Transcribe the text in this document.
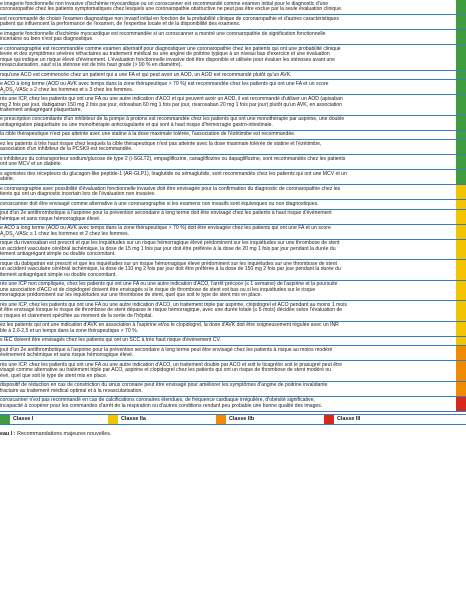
e imagerie fonctionnelle non invasive d'ischémie myocardique ou un coroscanner est recommandé comme examen initial pour le diagnostic d'une
coronaropathie chez les patients symptomatiques chez lesquels une coronaropathie obstructive ne peut pas être exclue par la seule évaluation clinique.
est recommandé de choisir l'examen diagnostique non invasif initial en fonction de la probabilité clinique de coronaropathie et d'autres caractéristiques
patient qui influencent la performance de l'examen, de l'expertise locale et de la disponibilité des examens.
e imagerie fonctionnelle d'ischémie myocardique est recommandée si un coroscanner a montré une coronaropathie de signification fonctionnelle
incertaine ou bien n'est pas diagnostique.
e coronarographie est recommandée comme examen alternatif pour diagnostiquer une coronaropathie chez les patients qui ont une probabilité clinique
levée et des symptômes sévères réfractaires au traitement médical ou une angine de poitrine typique à un niveau bas d'exercice et une évaluation
nique qui indique un risque élevé d'événement. L'évaluation fonctionnelle invasive doit être disponible et utilisée pour évaluer les sténoses avant une
revascularisation, sauf si la sténose est de très haut grade (> 90 % en diamètre).
rsqu'une ACO est commencée chez un patient qui a une FA et qui peut avoir un AOD, un AOD est recommandé plutôt qu'un AVK.
e ACO à long terme (AOD ou AVK avec temps dans la zone thérapeutique > 70 %) est recommandée chez les patients qui ont une FA et un score
$A_2DS_2$-VASc ≥ 2 chez les hommes et ≥ 3 chez les femmes.
rès une ICP, chez les patients qui ont une FA ou une autre indication d'ACO et qui peuvent avoir un AOD, il est recommandé d'utiliser un AOD (apixaban
mg 2 fois par jour, dabigatran 150 mg 2 fois par jour, édoxaban 60 mg 1 fois par jour, rivaroxaban 20 mg 1 fois par jour) plutôt qu'un AVK, en association
traitement antiagrégant plaquettaire.
e prescription concomitante d'un inhibiteur de la pompe à protons est recommandée chez les patients qui ont une monothérapie par aspirine, une double
antiagrégation plaquettaire ou une monothérapie anticoagulante et qui sont à haut risque d'hémorragie gastro-intestinale.
la cible thérapeutique n'est pas atteinte avec une statine à la dose maximale tolérée, l'association de l'ézétimibe est recommandée.
ez les patients à très haut risque chez lesquels la cible thérapeutique n'est pas atteinte avec la dose maximale tolérée de statine et l'ézétimibe,
association d'un inhibiteur de la PCSK9 est recommandée.
s inhibiteurs du cotransporteur sodium/glucose de type 2 (i-SGLT2), empagliflozine, canagliflozine ou dapagliflozine, sont recommandés chez les patients
ont une MCV et un diabète.
s agonistes des récepteurs du glucagon-like peptide-1 (AR-GLP1), liraglutide ou sémaglutide, sont recommandés chez les patients qui ont une MCV et un
abète.
e coronarographie avec possibilité d'évaluation fonctionnelle invasive doit être envisagée pour la confirmation du diagnostic de coronaropathie chez les
tients qui ont un diagnostic incertain lors de l'évaluation non invasive.
coroscanner doit être envisagé comme alternative à une coronarographie si les examens non invasifs sont équivoques ou non diagnostiques.
jout d'un 2e antithrombotique à l'aspirine pour la prévention secondaire à long terme doit être envisagé chez les patients à haut risque d'événement
hémique et sans risque hémorragique élevé.
e ACO à long terme (AOD ou AVK avec temps dans la zone thérapeutique > 70 %) doit être envisagée chez les patients qui ont une FA et un score
$A_2DS_2$-VASc ≥ 1 chez les hommes et 2 chez les femmes.
rsque du rivaroxaban est prescrit et que les inquiétudes sur un risque hémorragique élevé prédominent sur les inquiétudes sur une thrombose de stent
un accident vasculaire cérébral ischémique, la dose de 15 mg 1 fois par jour doit être préférée à la dose de 20 mg 1 fois par jour pendant la durée du
tement antiagrégant simple ou double concomitant.
rsque du dabigatran est prescrit et que les inquiétudes sur un risque hémorragique élevé prédominent sur les inquiétudes sur une thrombose de stent
un accident vasculaire cérébral ischémique, la dose de 110 mg 2 fois par jour doit être préférée à la dose de 150 mg 2 fois par jour pendant la durée du
itement antiagrégant simple ou double concomitant.
rès une ICP non compliquée, chez les patients qui ont une FA ou une autre indication d'ACO, l'arrêt précoce (≤ 1 semaine) de l'aspirine et la poursuite
une association d'ACO et de clopidogrel doivent être envisagés si le risque de thrombose de stent est bas ou si les inquiétudes sur le risque
morragique prédominent sur les inquiétudes sur une thrombose de stent, quel que soit le type de stent mis en place.
rès une ICP, chez les patients qui ont une FA ou une autre indication d'ACO, un traitement triple par aspirine, clopidogrel et ACO pendant au moins 1 mois
it être envisagé lorsque le risque de thrombose de stent dépasse le risque hémorragique, avec une durée totale (≤ 6 mois) décidée selon l'évaluation de
s risques et clairement spécifiée au moment de la sortie de l'hôpital.
ez les patients qui ont une indication d'AVK en association à l'aspirine et/ou le clopidogrel, la dose d'AVK doit être soigneusement régulée avec un INR
ble à 2,0-2,5 et un temps dans la zone thérapeutique > 70 %.
s IEC doivent être envisagés chez les patients qui ont un SCC à très haut risque d'événement CV.
jout d'un 2e antithrombotique à l'aspirine pour la prévention secondaire à long terme peut être envisagé chez les patients à risque au moins modéré
événement ischémique et sans risque hémorragique élevé.
rès une ICP, chez les patients qui ont une FA ou une autre indication d'ACO, un traitement double par ACO et soit le ticagrélor soit le prasugrel peut être
visagé comme alternative au traitement triple par ACO, aspirine et clopidogrel chez les patients qui ont un risque de thrombose de stent modéré ou
évé, quel que soit le type de stent mis en place.
dispositif de réduction en cas de constriction du sinus coronaire peut être envisagé pour améliorer les symptômes d'angine de poitrine invalidante
fractaire au traitement médical optimal et à la revascularisation.
coroscanner n'est pas recommandé en cas de calcifications coronaires étendues, de fréquence cardiaque irrégulière, d'obésité significative,
incapacité à coopérer pour les commandes d'arrêt de la respiration ou d'autres conditions rendant peu probable une bonne qualité des images.
Classe I	Classe IIa	Classe IIb	Classe III
eau I : Recommandations majeures nouvelles.
